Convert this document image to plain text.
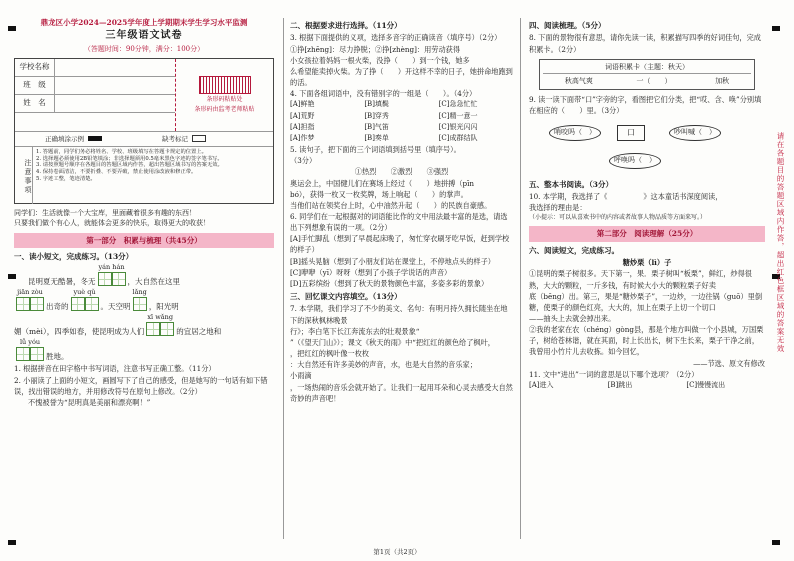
鼎龙区小学2024—2025学年度上学期期末学生学习水平监测
三年级语文试卷
（答题时间：90分钟，满分：100分）
学校名称
班　级
姓　名	条形码粘贴处
条形码由监考老师粘贴
正确填涂示例	缺考标记
注意事项
1. 答题前，同学们务必将姓名、学校、班级填写在答题卡规定的位置上。
2. 选择题必须使用2B铅笔填涂；非选择题须用0.5毫米黑色字迹的签字笔书写。
3. 请按照题号顺序在各题目的答题区域内作答，超出答题区域书写的答案无效。
4. 保持卷面清洁，不要折叠、不要弄破，禁止使用涂改液和修正带。
5. 字迹工整，笔迹清楚。
同学们：生活就像一个大宝库，里面藏着很多有趣的东西！
只要我们做个有心人，就能体会更多的快乐，取得更大的收获！
第一部分　积累与梳理（共45分）
一、读小短文，完成练习。（13分）
昆明夏无酷暑，冬无
yán hán
，大自然在这里
jiān zòu
出奇的
yuè qǔ
。天空明
lǎng
，阳光明
媚（mèi），四季如春，使昆明成为人们
xī wǎng
的宜居之地和
lǚ yóu
胜地。
1. 根据拼音在田字格中书写词语，注意书写正确工整。（11分）
2. 小丽读了上面的小短文，画圆写下了自己的感受，但是她写的一句话有如下错误，找出错误的地方，并用修改符号在原句上修改。（2分）
不愧被誉为“昆明真是美丽和漂亮啊！”
二、根据要求进行选择。（11分）
3. 根据下面提供的义项，选择多音字的正确读音（填序号）（2分）
①挣[zhēng]：尽力挣脱；②挣[zhèng]：用劳动获得
小女孩拉着妈妈一根火柴，没挣（　　）到一个钱，她多
么希望能卖掉火柴。为了挣（　　）开这样不幸的日子，她拼命地跑到的活。
4. 下面各组词语中，没有错别字的一组是（　　）。（4分）
[A]鲜艳	[B]填鬓	[C]急急忙忙
[A]荒野	[B]穿秀	[C]精一意一
[A]担指	[B]气笛	[C]银光闪闪
[A]作梦	[B]奏单	[C]成群结队
5. 读句子，把下面的三个词语填到括号里（填序号）。
（3分）
①热烈　　②激烈　　③强烈
奥运会上，中国健儿们在赛场上经过（　　）地拼搏（pīn
bó），获得一枚又一枚奖牌，场上响起（　　）的掌声。
当他们站在领奖台上时，心中油然升起（　　）的民族自豪感。
6. 同学们在一起根据对的词语能比作的文中用法最丰富的是选，请选出下列想象有误的一项。（2分）
[A]手忙脚乱（想到了早晨起床晚了，匆忙穿衣刷牙吃早饭，赶到学校的样子）
[B]摇头晃脑（想到了小朋友们站在课堂上，不停地点头的样子）
[C]咿咿（yī）呀呀（想到了小孩子学说话的声音）
[D]五彩缤纷（想到了秋天的景物颜色丰富，多姿多彩的景象）
三、回忆课文内容填空。（13分）
7. 本学期，我们学习了不少的美文、名句：有明月持久拥长随坐在地下的深秋枫林晚景
行》；李白笔下长江奔流东去的壮观景象“
”（《望天门山》）；课文《秋天的雨》中“把红红的颜色给了枫叶，
，把红红的枫叶像一枚枚
：大自然还有许多美妙的声音，水，也是大自然的音乐家；
小雨滴
，一场热闹的音乐会就开始了。让我们一起用耳朵和心灵去感受大自然奇妙的声音吧！
四、阅读梳理。（5分）
8. 下面的景物很有意思，请你先读一读，积累描写四季的好词佳句，完成积累卡。（2分）
词语积累卡（主题：秋天）
秋高气爽	一（　　）	加秋
9. 读一读下面带“口”字旁的字，看图把它们分类，把“哎、含、唤”分别填在相应的（　　）里。（3分）
哨咬吗（　）	口	吵叫喊（　）
呼唤吗（　）
五、整本书阅读。（3分）
10. 本学期，我选择了《　　　　　》这本童话书深度阅读，
我选择的理由是：
（小提示：可以从喜欢书中的内容或者故事人物品质等方面来写。）
第二部分　阅读理解（25分）
六、阅读短文，完成练习。
糖炒栗（lì）子
①昆明的栗子树很多。天下第一，果．栗子树叫“板栗”，鲜红，炒得很熟，大大的颗粒，一斤多钱，有时候大小大的颗粒栗子好卖
底（bēng）出。第三，果是“糖炒栗子”，一边炒，一边往锅（guō）里倒糖，使栗子的颜色红亮，大大的，加上在栗子上切一个切口
——抽头上去就会掉出来。
②我的老家在农（chéng）gòng县，那是个地方叫做一个小县城，万国栗子，树给苍林谐，就在其面，时上长出长，树下生长来，栗子干净之前，我曾用小竹片儿去收拣。如今回忆，
——节选、原文有修改
11. 文中“进出”一词的意思是以下哪个选项？（2分）
[A]进入	[B]跳出	[C]慢慢流出
请在各题目的答题区域内作答，超出红色框区域的答案无效
第1页（共2页）
